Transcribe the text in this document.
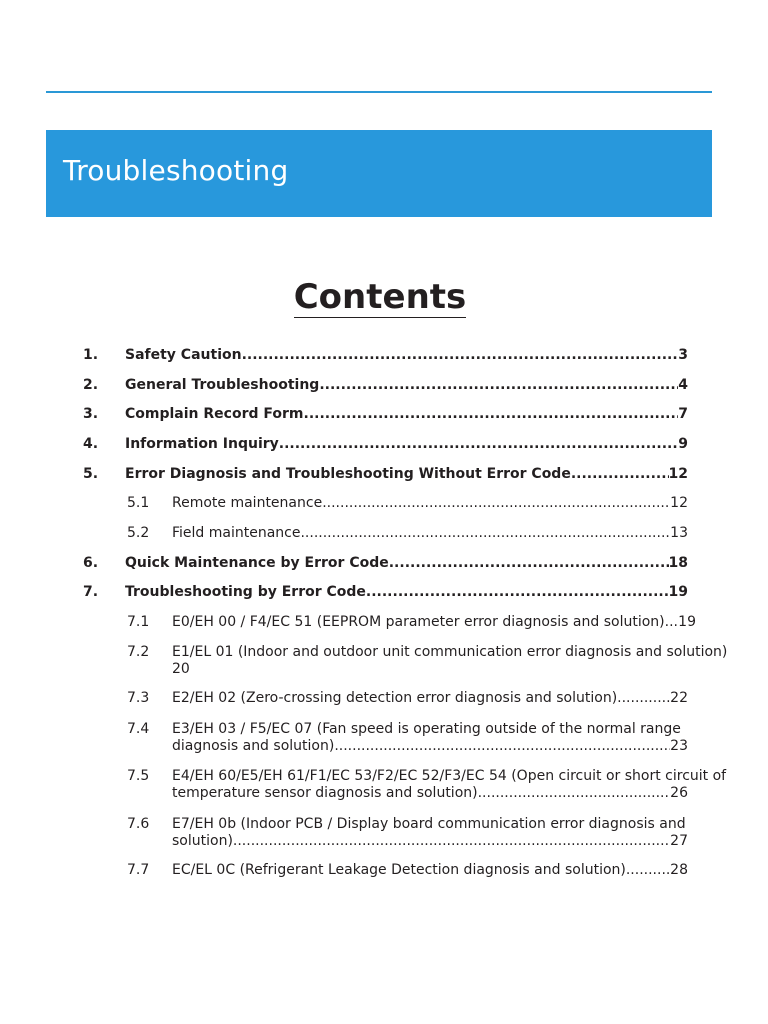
Troubleshooting
Contents
1. Safety Caution .....	3
2. General Troubleshooting .....	4
3. Complain Record Form .....	7
4. Information Inquiry .....	9
5. Error Diagnosis and Troubleshooting Without Error Code .....	12
5.1 Remote maintenance .....	12
5.2 Field maintenance .....	13
6. Quick Maintenance by Error Code .....	18
7. Troubleshooting by Error Code .....	19
7.1 E0/EH 00 / F4/EC 51 (EEPROM parameter error diagnosis and solution) ..... 19
7.2 E1/EL 01 (Indoor and outdoor unit communication error diagnosis and solution)
20
7.3 E2/EH 02 (Zero-crossing detection error diagnosis and solution) .....	22
7.4 E3/EH 03 / F5/EC 07 (Fan speed is operating outside of the normal range
diagnosis and solution) .....	23
7.5 E4/EH 60/E5/EH 61/F1/EC 53/F2/EC 52/F3/EC 54 (Open circuit or short circuit of
temperature sensor diagnosis and solution) .....	26
7.6 E7/EH 0b (Indoor PCB / Display board communication error diagnosis and
solution) .....	27
7.7 EC/EL 0C (Refrigerant Leakage Detection diagnosis and solution) .....	28
